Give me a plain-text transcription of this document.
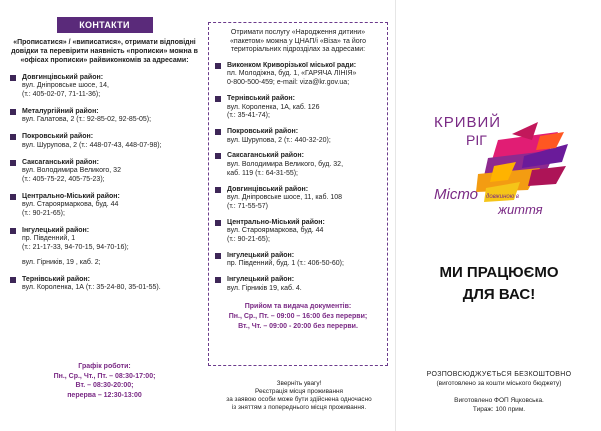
КОНТАКТИ

«Прописатися» / «виписатися», отримати відповідні довідки та перевірити наявність «прописки» можна в «офісах прописки» райвиконкомів за адресами:

Довгинцівський район:
вул. Дніпровське шосе, 14,
(т.: 405-02-07, 71-11-36);
Металургійний район:
вул. Галатова, 2 (т.: 92-85-02, 92-85-05);
Покровський район:
вул. Шурупова, 2 (т.: 448-07-43, 448-07-98);
Саксаганський район:
вул. Володимира Великого, 32
(т.: 405-75-22, 405-75-23);
Центрально-Міський район:
вул. Староярмаркова, буд. 44
(т.: 90-21-65);
Інгулецький район:
пр. Південний, 1
(т.: 21-17-33, 94-70-15, 94-70-16);
вул. Гірників, 19 , каб. 2;
Тернівський район:
вул. Короленка, 1А (т.: 35-24-80, 35-01-55).
Графік роботи:
Пн., Ср., Чт., Пт. – 08:30-17:00;
Вт. – 08:30-20:00;
перерва – 12:30-13:00

Отримати послугу «Народження дитини» «пакетом» можна у ЦНАП/і «Віза» та його територіальних підрозділах за адресами:

Виконком Криворізької міської ради:
пл. Молодіжна, буд. 1, «ГАРЯЧА ЛІНІЯ»
0-800-500-459; e-mail: viza@kr.gov.ua;
Тернівський район:
вул. Короленка, 1А, каб. 126
(т.: 35-41-74);
Покровський район:
вул. Шурупова, 2 (т.: 440-32-20);
Саксаганський район:
вул. Володимира Великого, буд. 32,
каб. 119 (т.: 64-31-55);
Довгинцівський район:
вул. Дніпровське шосе, 11, каб. 108
(т.: 71-55-57)
Центрально-Міський район:
вул. Староярмаркова, буд. 44
(т.: 90-21-65);
Інгулецький район:
пр. Південний, буд. 1 (т.: 406-50-60);
Інгулецький район:
вул. Гірників 19, каб. 4.
Прийом та видача документів:
Пн., Ср., Пт. – 09:00 – 16:00 без перерви;
Вт., Чт. – 09:00 - 20:00 без перерви.
Зверніть увагу!
Реєстрація місця проживання
за заявою особи може бути здійснена одночасно
із зняттям з попереднього місця проживання.
КРИВИЙ
РІГ
Місто довжиною в
життя
МИ ПРАЦЮЄМО
ДЛЯ ВАС!
РОЗПОВСЮДЖУЄТЬСЯ БЕЗКОШТОВНО
(виготовлено за кошти міського бюджету)
Виготовлено ФОП Яцковська.
Тираж: 100 прим.
